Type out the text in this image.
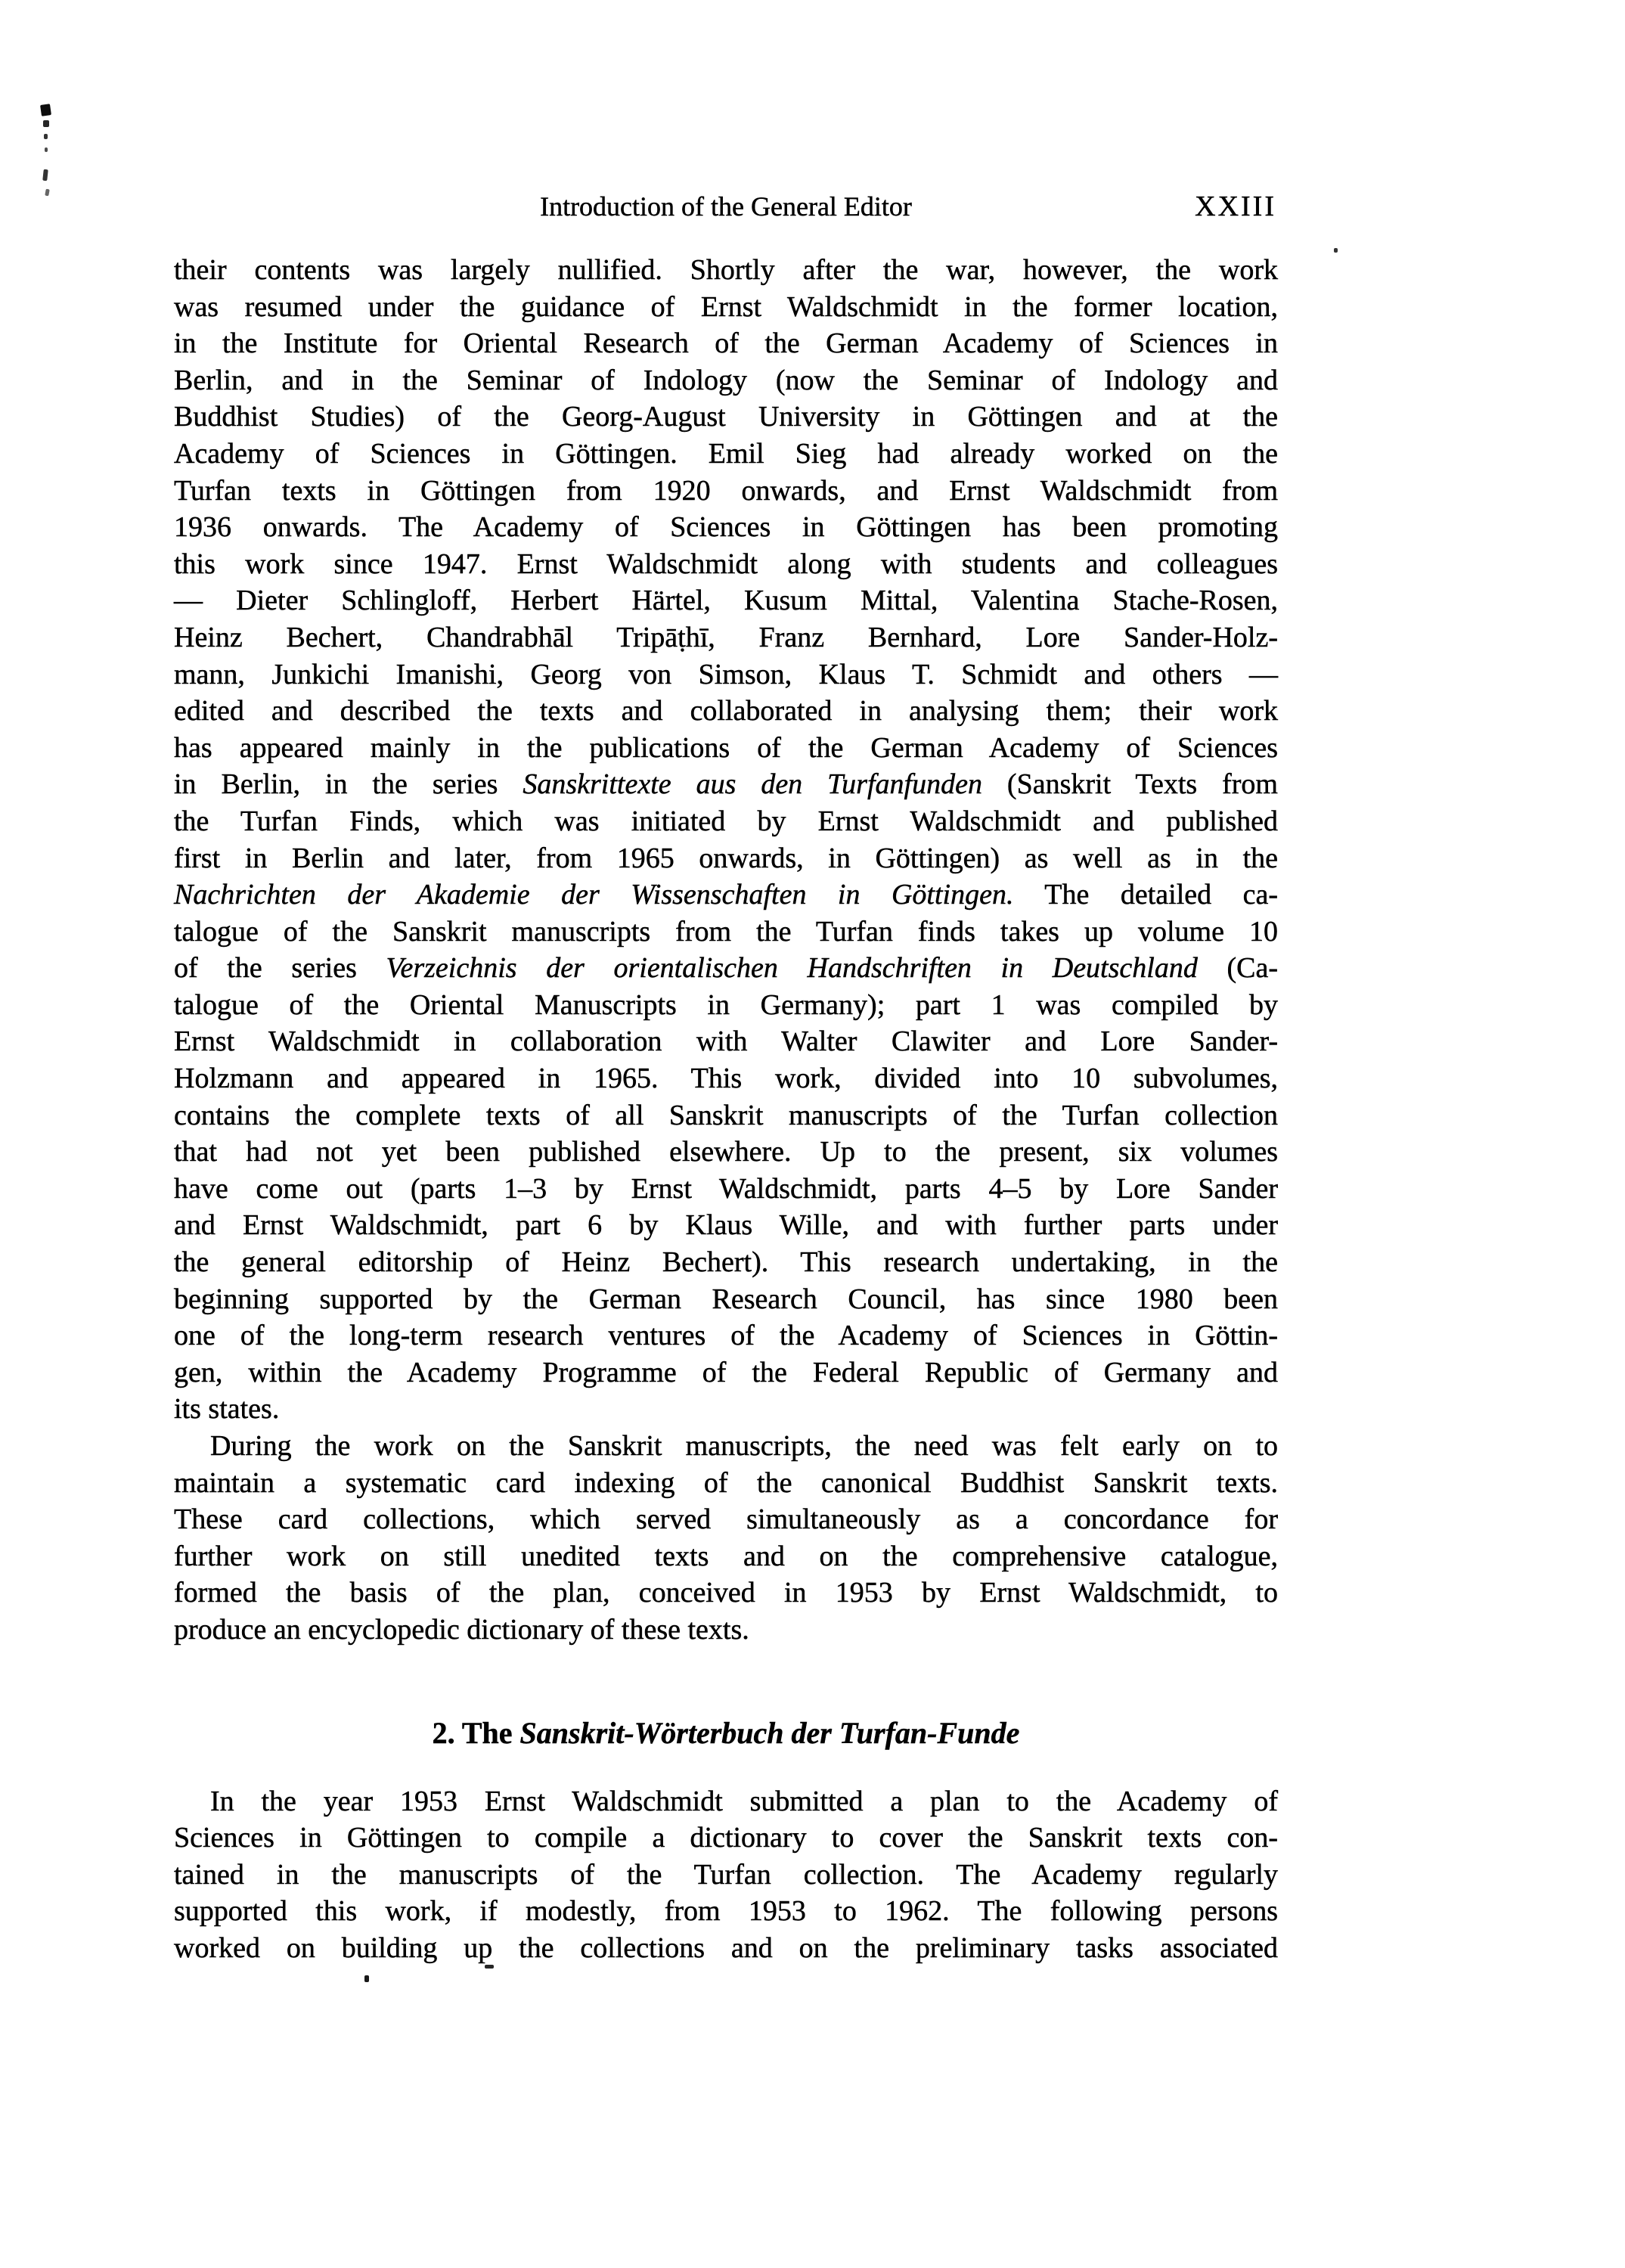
Introduction of the General Editor	XXIII
their contents was largely nullified. Shortly after the war, however, the work
was resumed under the guidance of Ernst Waldschmidt in the former location,
in the Institute for Oriental Research of the German Academy of Sciences in
Berlin, and in the Seminar of Indology (now the Seminar of Indology and
Buddhist Studies) of the Georg-August University in Göttingen and at the
Academy of Sciences in Göttingen. Emil Sieg had already worked on the
Turfan texts in Göttingen from 1920 onwards, and Ernst Waldschmidt from
1936 onwards. The Academy of Sciences in Göttingen has been promoting
this work since 1947. Ernst Waldschmidt along with students and colleagues
— Dieter Schlingloff, Herbert Härtel, Kusum Mittal, Valentina Stache-Rosen,
Heinz Bechert, Chandrabhāl Tripāṭhī, Franz Bernhard, Lore Sander-Holz-
mann, Junkichi Imanishi, Georg von Simson, Klaus T. Schmidt and others —
edited and described the texts and collaborated in analysing them; their work
has appeared mainly in the publications of the German Academy of Sciences
in Berlin, in the series Sanskrittexte aus den Turfanfunden (Sanskrit Texts from
the Turfan Finds, which was initiated by Ernst Waldschmidt and published
first in Berlin and later, from 1965 onwards, in Göttingen) as well as in the
Nachrichten der Akademie der Wissenschaften in Göttingen. The detailed ca-
talogue of the Sanskrit manuscripts from the Turfan finds takes up volume 10
of the series Verzeichnis der orientalischen Handschriften in Deutschland (Ca-
talogue of the Oriental Manuscripts in Germany); part 1 was compiled by
Ernst Waldschmidt in collaboration with Walter Clawiter and Lore Sander-
Holzmann and appeared in 1965. This work, divided into 10 subvolumes,
contains the complete texts of all Sanskrit manuscripts of the Turfan collection
that had not yet been published elsewhere. Up to the present, six volumes
have come out (parts 1–3 by Ernst Waldschmidt, parts 4–5 by Lore Sander
and Ernst Waldschmidt, part 6 by Klaus Wille, and with further parts under
the general editorship of Heinz Bechert). This research undertaking, in the
beginning supported by the German Research Council, has since 1980 been
one of the long-term research ventures of the Academy of Sciences in Göttin-
gen, within the Academy Programme of the Federal Republic of Germany and
its states.
During the work on the Sanskrit manuscripts, the need was felt early on to
maintain a systematic card indexing of the canonical Buddhist Sanskrit texts.
These card collections, which served simultaneously as a concordance for
further work on still unedited texts and on the comprehensive catalogue,
formed the basis of the plan, conceived in 1953 by Ernst Waldschmidt, to
produce an encyclopedic dictionary of these texts.
2. The Sanskrit-Wörterbuch der Turfan-Funde
In the year 1953 Ernst Waldschmidt submitted a plan to the Academy of
Sciences in Göttingen to compile a dictionary to cover the Sanskrit texts con-
tained in the manuscripts of the Turfan collection. The Academy regularly
supported this work, if modestly, from 1953 to 1962. The following persons
worked on building up the collections and on the preliminary tasks associated
